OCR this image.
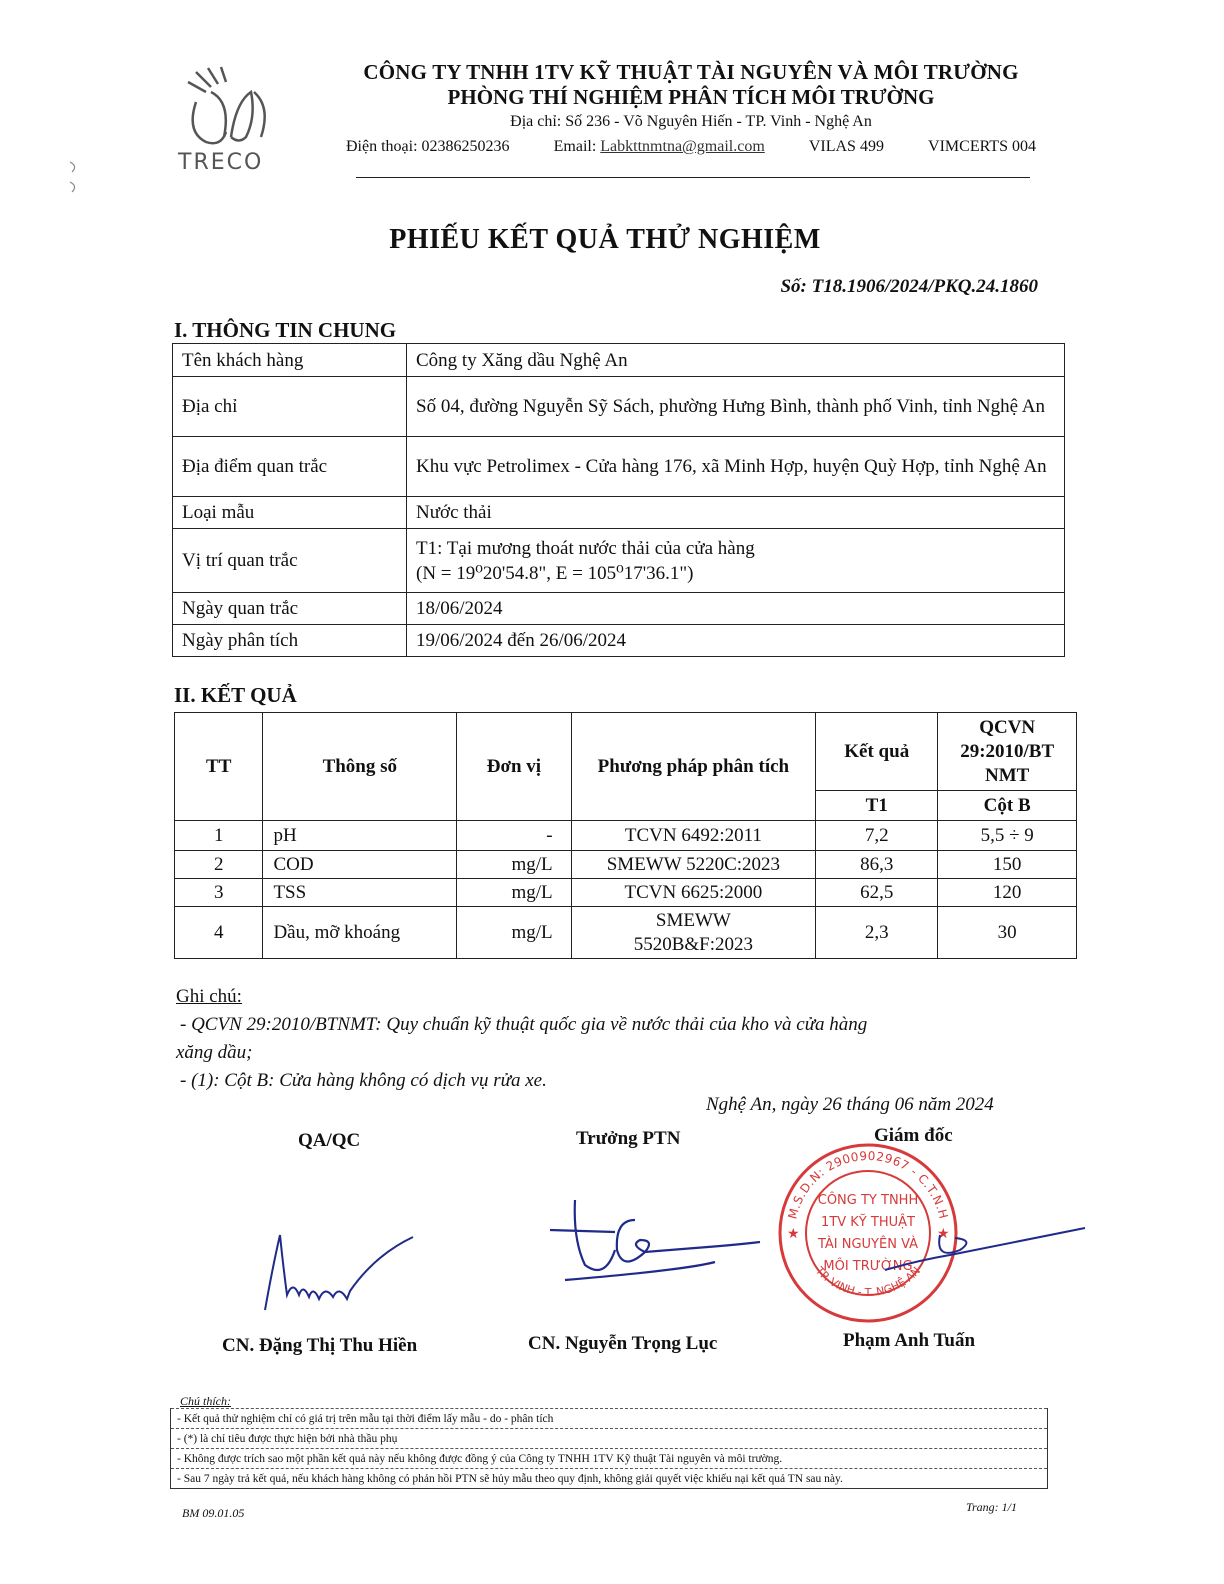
TRECO
CÔNG TY TNHH 1TV KỸ THUẬT TÀI NGUYÊN VÀ MÔI TRƯỜNG
PHÒNG THÍ NGHIỆM PHÂN TÍCH MÔI TRƯỜNG
Địa chỉ: Số 236 - Võ Nguyên Hiến - TP. Vinh - Nghệ An
Điện thoại: 02386250236	Email: Labkttnmtna@gmail.com	VILAS 499	VIMCERTS 004
PHIẾU KẾT QUẢ THỬ NGHIỆM
Số: T18.1906/2024/PKQ.24.1860
I. THÔNG TIN CHUNG
Tên khách hàng	Công ty Xăng dầu Nghệ An
Địa chỉ	Số 04, đường Nguyễn Sỹ Sách, phường Hưng Bình, thành phố Vinh, tỉnh Nghệ An
Địa điểm quan trắc	Khu vực Petrolimex - Cửa hàng 176, xã Minh Hợp, huyện Quỳ Hợp, tỉnh Nghệ An
Loại mẫu	Nước thải
Vị trí quan trắc	T1: Tại mương thoát nước thải của cửa hàng
(N = 19⁰20'54.8", E = 105⁰17'36.1")

Ngày quan trắc	18/06/2024
Ngày phân tích	19/06/2024 đến 26/06/2024
II. KẾT QUẢ
TT	Thông số	Đơn vị	Phương pháp phân tích	Kết quả	QCVN 29:2010/BT NMT
				T1	Cột B
1	pH	-	TCVN 6492:2011	7,2	5,5 ÷ 9
2	COD	mg/L	SMEWW 5220C:2023	86,3	150
3	TSS	mg/L	TCVN 6625:2000	62,5	120
4	Dầu, mỡ khoáng	mg/L	SMEWW 5520B&F:2023	2,3	30
Ghi chú:
- QCVN 29:2010/BTNMT: Quy chuẩn kỹ thuật quốc gia về nước thải của kho và cửa hàng
xăng dầu;
- (1): Cột B: Cửa hàng không có dịch vụ rửa xe.
Nghệ An, ngày 26 tháng 06 năm 2024
QA/QC	Trưởng PTN	Giám đốc
M.S.D.N: 2900902967 - C.T.N.H
TP. VINH - T. NGHỆ AN
CÔNG TY TNHH
1TV KỸ THUẬT
TÀI NGUYÊN VÀ
MÔI TRƯỜNG
★	★
CN. Đặng Thị Thu Hiền	CN. Nguyễn Trọng Lục	Phạm Anh Tuấn
Chú thích:
- Kết quả thử nghiệm chỉ có giá trị trên mẫu tại thời điểm lấy mẫu - do - phân tích
- (*) là chỉ tiêu được thực hiện bởi nhà thầu phụ
- Không được trích sao một phần kết quả này nếu không được đồng ý của Công ty TNHH 1TV Kỹ thuật Tài nguyên và môi trường.
- Sau 7 ngày trả kết quả, nếu khách hàng không có phản hồi PTN sẽ hủy mẫu theo quy định, không giải quyết việc khiếu nại kết quả TN sau này.
BM 09.01.05	Trang: 1/1
